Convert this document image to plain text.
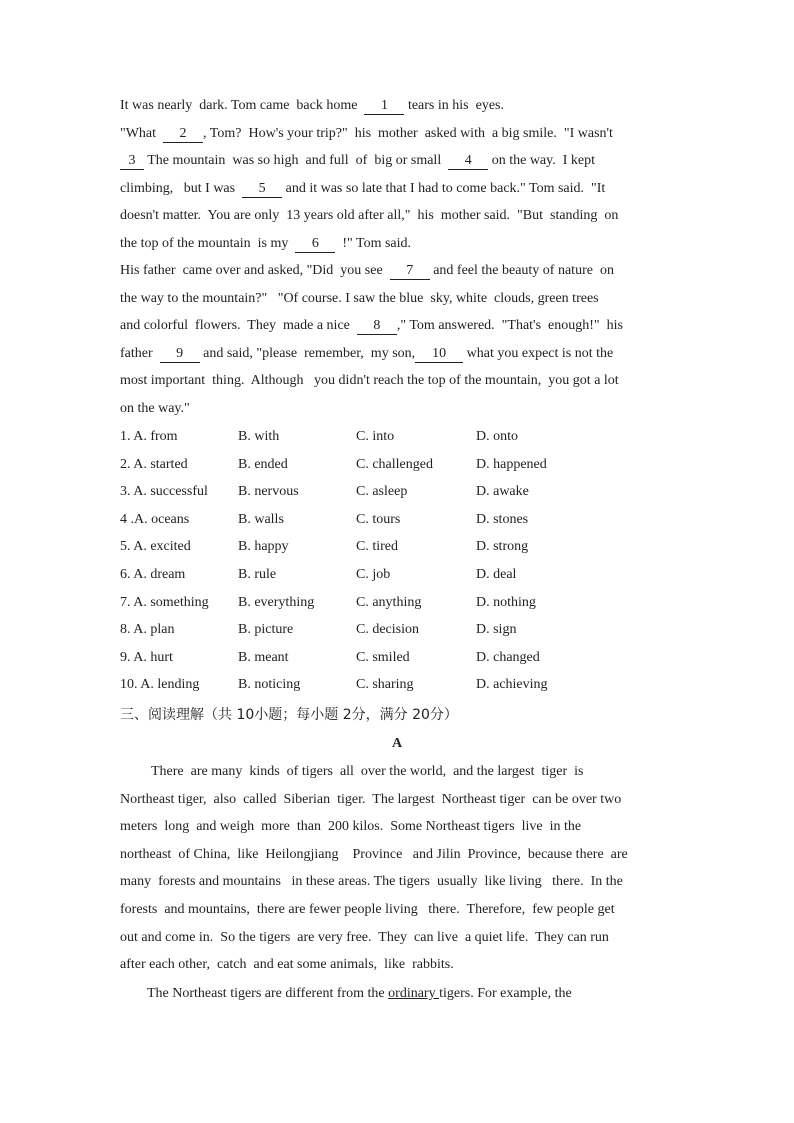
It was nearly  dark. Tom came  back home  1 tears in his  eyes.
"What  2 , Tom?  How's your trip?"  his  mother  asked with  a big smile.  "I wasn't
3 The mountain  was so high  and full  of  big or small  4 on the way.  I kept
climbing,   but I was  5 and it was so late that I had to come back." Tom said.  "It
doesn't matter.  You are only  13 years old after all,"  his  mother said.  "But  standing  on
the top of the mountain  is my  6  !" Tom said.
His father  came over and asked, "Did  you see  7 and feel the beauty of nature  on
the way to the mountain?"   "Of course. I saw the blue  sky, white  clouds, green trees
and colorful  flowers.  They  made a nice  8 ," Tom answered.  "That's  enough!"  his
father  9 and said, "please  remember,  my son, 10 what you expect is not the
most important  thing.  Although   you didn't reach the top of the mountain,  you got a lot
on the way."
1. A. from	B. with	C. into	D. onto
2. A. started	B. ended	C. challenged	D. happened
3. A. successful B. nervous	C. asleep	D. awake
4 .A. oceans	B. walls	C. tours	D. stones
5. A. excited	B. happy	C. tired	D. strong
6. A. dream	B. rule	C. job	D. deal
7. A. something B. everything	C. anything	D. nothing
8. A. plan	B. picture	C. decision	D. sign
9. A. hurt	B. meant	C. smiled	D. changed
10. A. lending	B. noticing	C. sharing	D. achieving
三、阅读理解（共 10小题；每小题 2分，满分 20分）
A
There  are many  kinds  of tigers  all  over the world,  and the largest  tiger  is
Northeast tiger,  also  called  Siberian  tiger.  The largest  Northeast tiger  can be over two
meters  long  and weigh  more  than  200 kilos.  Some Northeast tigers  live  in the
northeast  of China,  like  Heilongjiang    Province   and Jilin  Province,  because there  are
many  forests and mountains   in these areas. The tigers  usually  like living   there.  In the
forests  and mountains,  there are fewer people living   there.  Therefore,  few people get
out and come in.  So the tigers  are very free.  They  can live  a quiet life.  They can run
after each other,  catch  and eat some animals,  like  rabbits.
The Northeast tigers are different from the ordinary tigers. For example, the
